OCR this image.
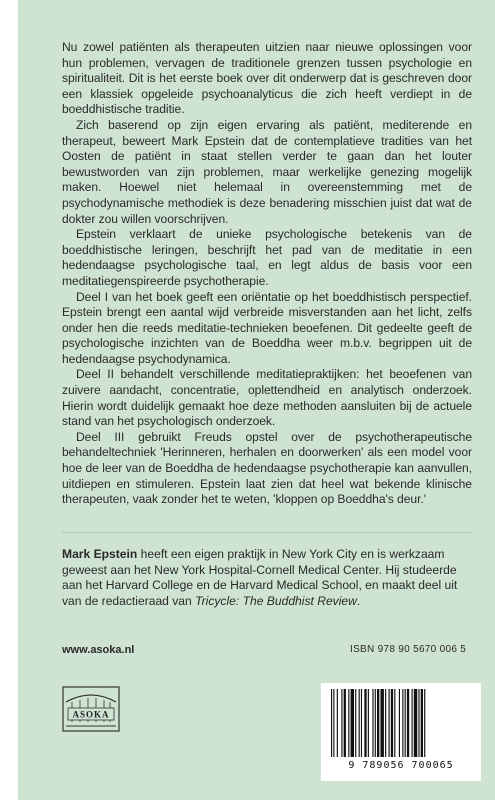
Nu zowel patiënten als therapeuten uitzien naar nieuwe oplossingen voor hun problemen, vervagen de traditionele grenzen tussen psychologie en spiritualiteit. Dit is het eerste boek over dit onderwerp dat is geschreven door een klassiek opgeleide psychoanalyticus die zich heeft verdiept in de boeddhistische traditie.

Zich baserend op zijn eigen ervaring als patiënt, mediterende en therapeut, beweert Mark Epstein dat de contemplatieve tradities van het Oosten de patiënt in staat stellen verder te gaan dan het louter bewustworden van zijn problemen, maar werkelijke genezing mogelijk maken. Hoewel niet helemaal in overeenstemming met de psychodynamische methodiek is deze benadering misschien juist dat wat de dokter zou willen voorschrijven.

Epstein verklaart de unieke psychologische betekenis van de boeddhistische leringen, beschrijft het pad van de meditatie in een hedendaagse psychologische taal, en legt aldus de basis voor een meditatiegenspireerde psychotherapie.

Deel I van het boek geeft een oriëntatie op het boeddhistisch perspectief. Epstein brengt een aantal wijd verbreide misverstanden aan het licht, zelfs onder hen die reeds meditatie-technieken beoefenen. Dit gedeelte geeft de psychologische inzichten van de Boeddha weer m.b.v. begrippen uit de hedendaagse psychodynamica.

Deel II behandelt verschillende meditatiepraktijken: het beoefenen van zuivere aandacht, concentratie, oplettendheid en analytisch onderzoek. Hierin wordt duidelijk gemaakt hoe deze methoden aansluiten bij de actuele stand van het psychologisch onderzoek.

Deel III gebruikt Freuds opstel over de psychotherapeutische behandeltechniek 'Herinneren, herhalen en doorwerken' als een model voor hoe de leer van de Boeddha de hedendaagse psychotherapie kan aanvullen, uitdiepen en stimuleren. Epstein laat zien dat heel wat bekende klinische therapeuten, vaak zonder het te weten, 'kloppen op Boeddha's deur.'

Mark Epstein heeft een eigen praktijk in New York City en is werkzaam geweest aan het New York Hospital-Cornell Medical Center. Hij studeerde aan het Harvard College en de Harvard Medical School, en maakt deel uit van de redactieraad van Tricycle: The Buddhist Review.
www.asoka.nl	ISBN 978 90 5670 006 5
ASOKA
9 789056 700065
